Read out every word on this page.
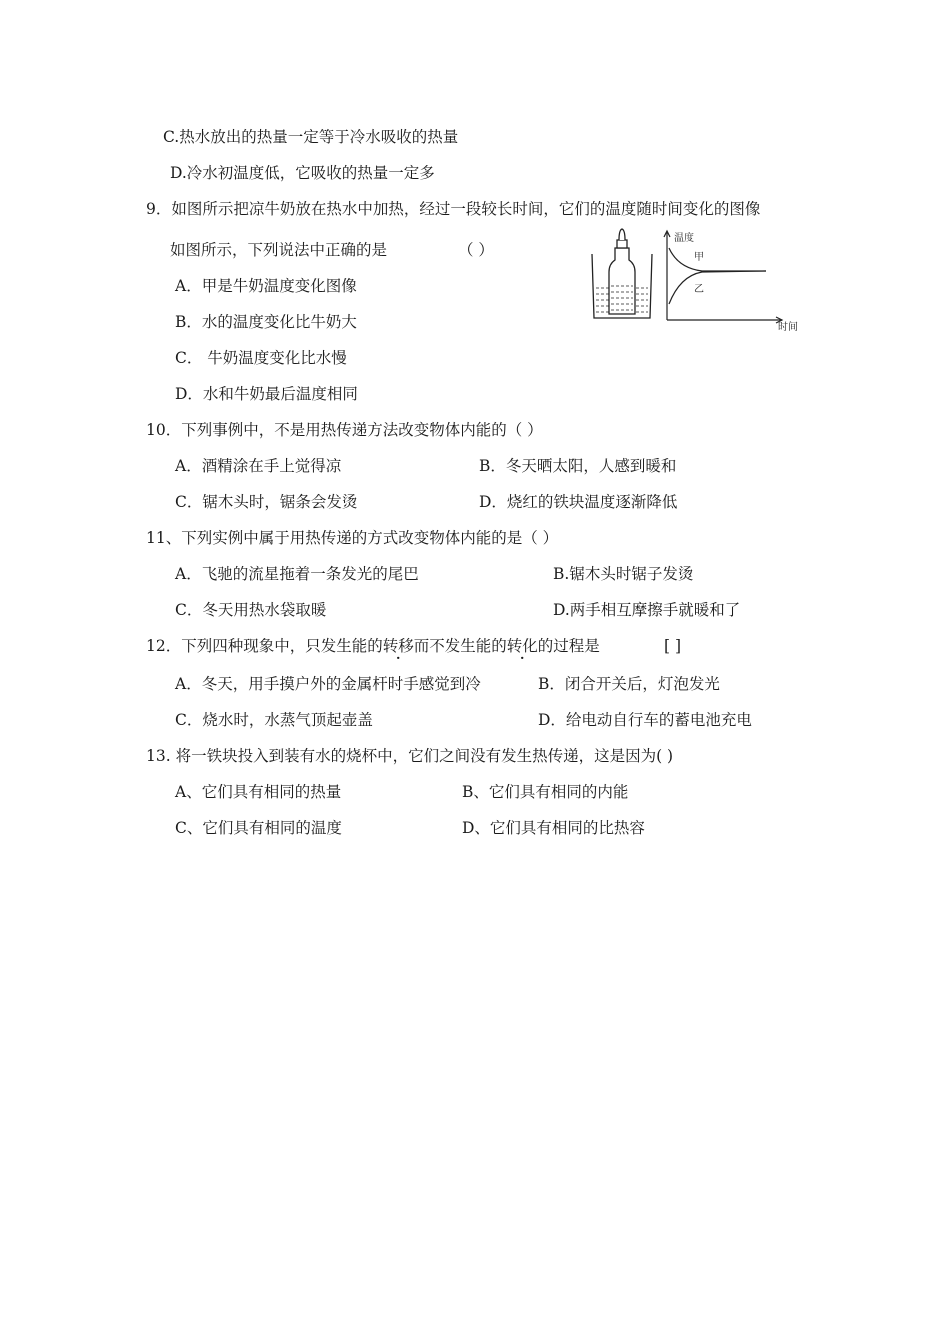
C.热水放出的热量一定等于冷水吸收的热量
D.冷水初温度低，它吸收的热量一定多
9．如图所示把凉牛奶放在热水中加热，经过一段较长时间，它们的温度随时间变化的图像
如图所示，下列说法中正确的是	（ ）
A．甲是牛奶温度变化图像
B．水的温度变化比牛奶大
C． 牛奶温度变化比水慢
D．水和牛奶最后温度相同
温度
时间
甲
乙
10．下列事例中，不是用热传递方法改变物体内能的（ ）
A．酒精涂在手上觉得凉	B．冬天晒太阳，人感到暖和
C．锯木头时，锯条会发烫	D．烧红的铁块温度逐渐降低
11、下列实例中属于用热传递的方式改变物体内能的是（ ）
A．飞驰的流星拖着一条发光的尾巴	B.锯木头时锯子发烫
C．冬天用热水袋取暖	D.两手相互摩擦手就暖和了
12．下列四种现象中，只发生能的转移而不发生能的转化的过程是	[ ]
A．冬天，用手摸户外的金属杆时手感觉到冷	B．闭合开关后，灯泡发光
C．烧水时，水蒸气顶起壶盖	D．给电动自行车的蓄电池充电
13. 将一铁块投入到装有水的烧杯中，它们之间没有发生热传递，这是因为( )
A、它们具有相同的热量	B、它们具有相同的内能
C、它们具有相同的温度	D、它们具有相同的比热容
